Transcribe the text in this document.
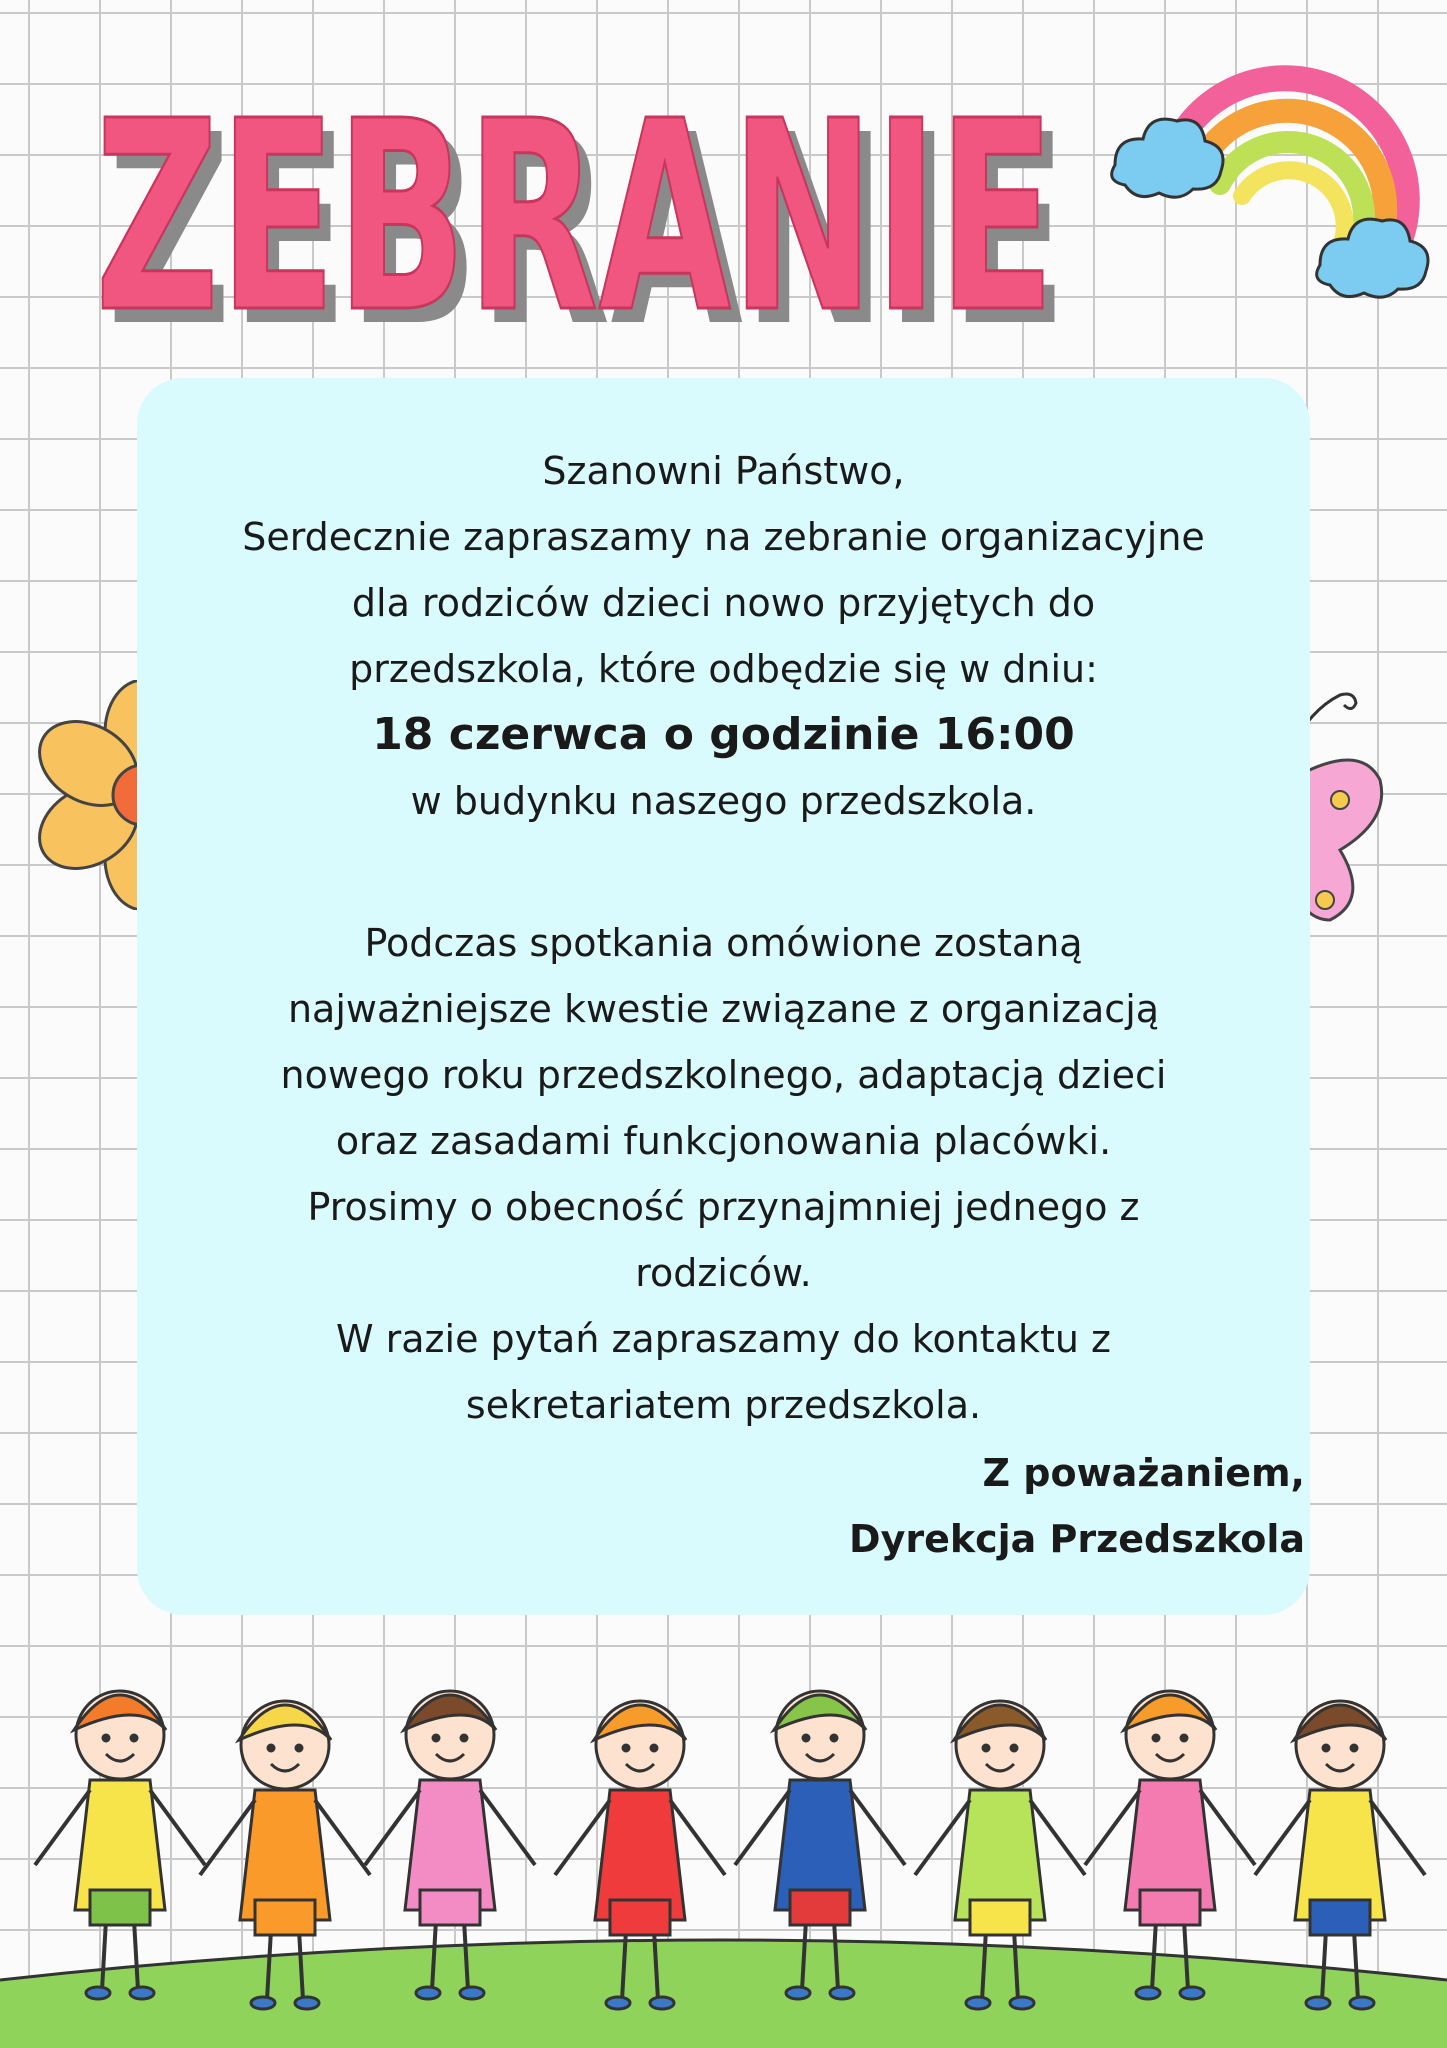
ZEBRANIE
ZEBRANIE
Szanowni Państwo,
Serdecznie zapraszamy na zebranie organizacyjne
dla rodziców dzieci nowo przyjętych do
przedszkola, które odbędzie się w dniu:
18 czerwca o godzinie 16:00
w budynku naszego przedszkola.
Podczas spotkania omówione zostaną
najważniejsze kwestie związane z organizacją
nowego roku przedszkolnego, adaptacją dzieci
oraz zasadami funkcjonowania placówki.
Prosimy o obecność przynajmniej jednego z
rodziców.
W razie pytań zapraszamy do kontaktu z
sekretariatem przedszkola.
Z poważaniem,
Dyrekcja Przedszkola
